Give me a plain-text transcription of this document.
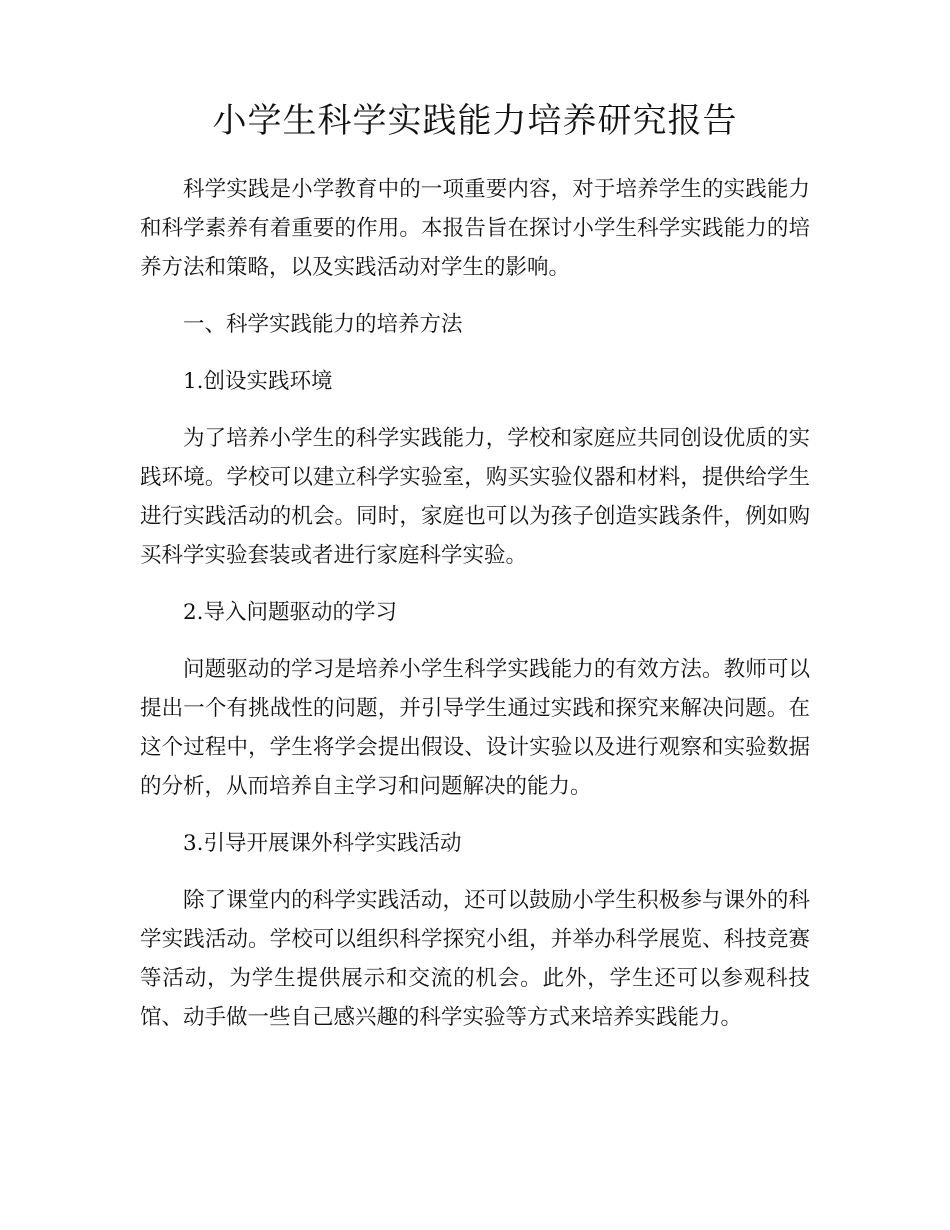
小学生科学实践能力培养研究报告

科学实践是小学教育中的一项重要内容，对于培养学生的实践能力和科学素养有着重要的作用。本报告旨在探讨小学生科学实践能力的培养方法和策略，以及实践活动对学生的影响。

一、科学实践能力的培养方法

1.创设实践环境

为了培养小学生的科学实践能力，学校和家庭应共同创设优质的实践环境。学校可以建立科学实验室，购买实验仪器和材料，提供给学生进行实践活动的机会。同时，家庭也可以为孩子创造实践条件，例如购买科学实验套装或者进行家庭科学实验。

2.导入问题驱动的学习

问题驱动的学习是培养小学生科学实践能力的有效方法。教师可以提出一个有挑战性的问题，并引导学生通过实践和探究来解决问题。在这个过程中，学生将学会提出假设、设计实验以及进行观察和实验数据的分析，从而培养自主学习和问题解决的能力。

3.引导开展课外科学实践活动

除了课堂内的科学实践活动，还可以鼓励小学生积极参与课外的科学实践活动。学校可以组织科学探究小组，并举办科学展览、科技竞赛等活动，为学生提供展示和交流的机会。此外，学生还可以参观科技馆、动手做一些自己感兴趣的科学实验等方式来培养实践能力。
